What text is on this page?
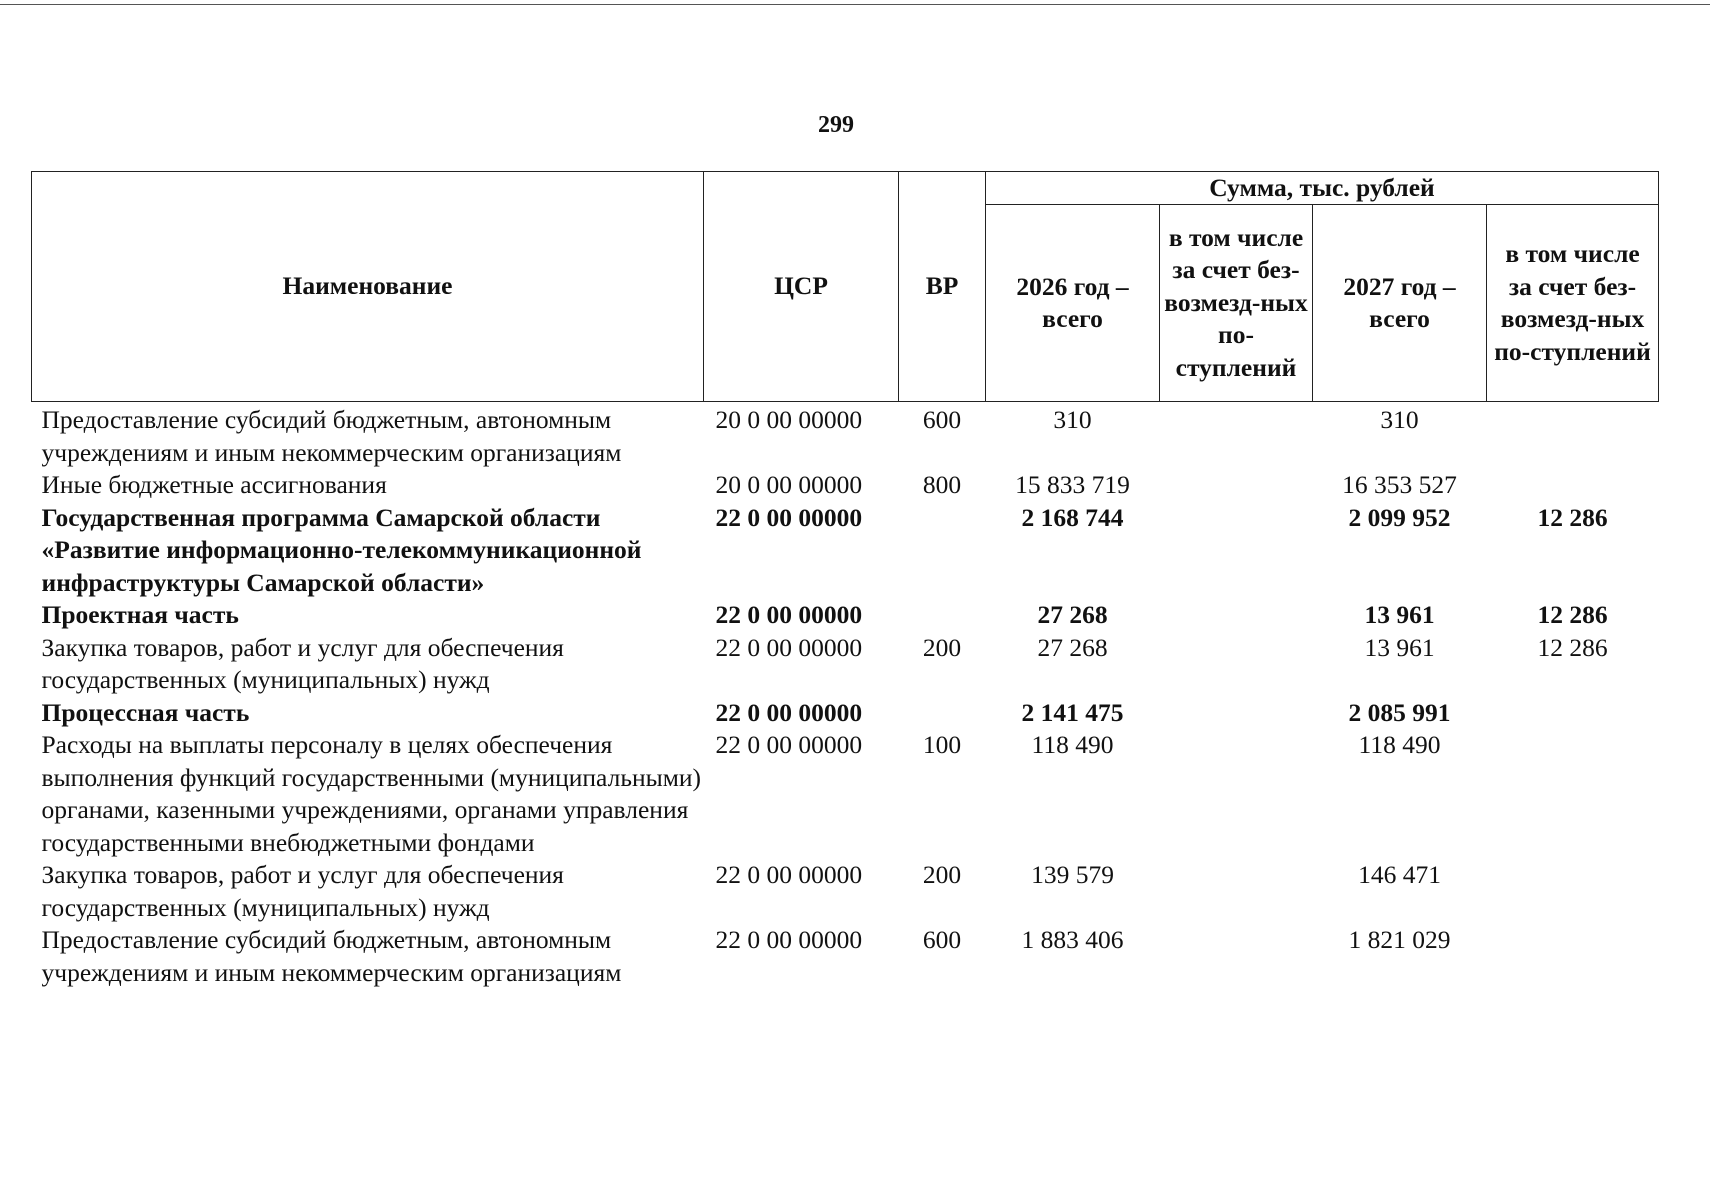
299
Наименование	ЦСР	ВР	Сумма, тыс. рублей			
			2026 год – всего	в том числе за счет без-возмезд-ных по-ступлений	2027 год – всего	в том числе за счет без-возмезд-ных по-ступлений
Предоставление субсидий бюджетным, автономным учреждениям и иным некоммерческим организациям	20 0 00 00000	600	310		310	
Иные бюджетные ассигнования	20 0 00 00000	800	15 833 719		16 353 527	
Государственная программа Самарской области «Развитие информационно-телекоммуникационной инфраструктуры Самарской области»	22 0 00 00000		2 168 744		2 099 952	12 286
Проектная часть	22 0 00 00000		27 268		13 961	12 286
Закупка товаров, работ и услуг для обеспечения государственных (муниципальных) нужд	22 0 00 00000	200	27 268		13 961	12 286
Процессная часть	22 0 00 00000		2 141 475		2 085 991	
Расходы на выплаты персоналу в целях обеспечения выполнения функций государственными (муниципальными) органами, казенными учреждениями, органами управления государственными внебюджетными фондами	22 0 00 00000	100	118 490		118 490	
Закупка товаров, работ и услуг для обеспечения государственных (муниципальных) нужд	22 0 00 00000	200	139 579		146 471	
Предоставление субсидий бюджетным, автономным учреждениям и иным некоммерческим организациям	22 0 00 00000	600	1 883 406		1 821 029	
